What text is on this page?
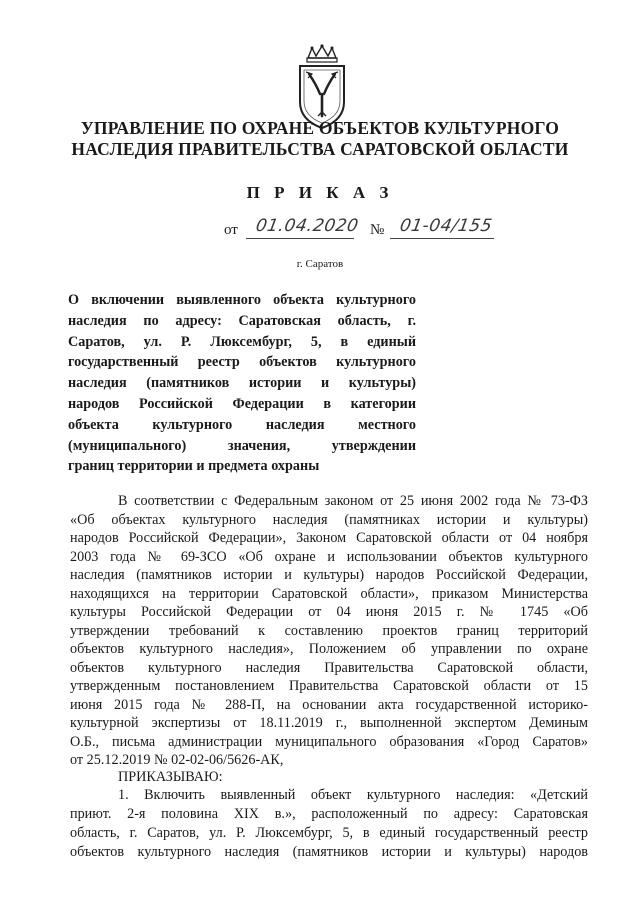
УПРАВЛЕНИЕ ПО ОХРАНЕ ОБЪЕКТОВ КУЛЬТУРНОГО
НАСЛЕДИЯ ПРАВИТЕЛЬСТВА САРАТОВСКОЙ ОБЛАСТИ
П Р И К А З
от 01.04.2020 № 01-04/155
г. Саратов
О включении выявленного объекта культурного
наследия по адресу: Саратовская область, г.
Саратов, ул. Р. Люксембург, 5, в единый
государственный реестр объектов культурного
наследия (памятников истории и культуры)
народов Российской Федерации в категории
объекта культурного наследия местного
(муниципального) значения, утверждении
границ территории и предмета охраны
В соответствии с Федеральным законом от 25 июня 2002 года № 73-ФЗ
«Об объектах культурного наследия (памятниках истории и культуры)
народов Российской Федерации», Законом Саратовской области от 04 ноября
2003 года № 69-ЗСО «Об охране и использовании объектов культурного
наследия (памятников истории и культуры) народов Российской Федерации,
находящихся на территории Саратовской области», приказом Министерства
культуры Российской Федерации от 04 июня 2015 г. № 1745 «Об
утверждении требований к составлению проектов границ территорий
объектов культурного наследия», Положением об управлении по охране
объектов культурного наследия Правительства Саратовской области,
утвержденным постановлением Правительства Саратовской области от 15
июня 2015 года № 288-П, на основании акта государственной историко-
культурной экспертизы от 18.11.2019 г., выполненной экспертом Деминым
О.Б., письма администрации муниципального образования «Город Саратов»
от 25.12.2019 № 02-02-06/5626-АК,
ПРИКАЗЫВАЮ:
1. Включить выявленный объект культурного наследия: «Детский
приют. 2-я половина XIX в.», расположенный по адресу: Саратовская
область, г. Саратов, ул. Р. Люксембург, 5, в единый государственный реестр
объектов культурного наследия (памятников истории и культуры) народов
